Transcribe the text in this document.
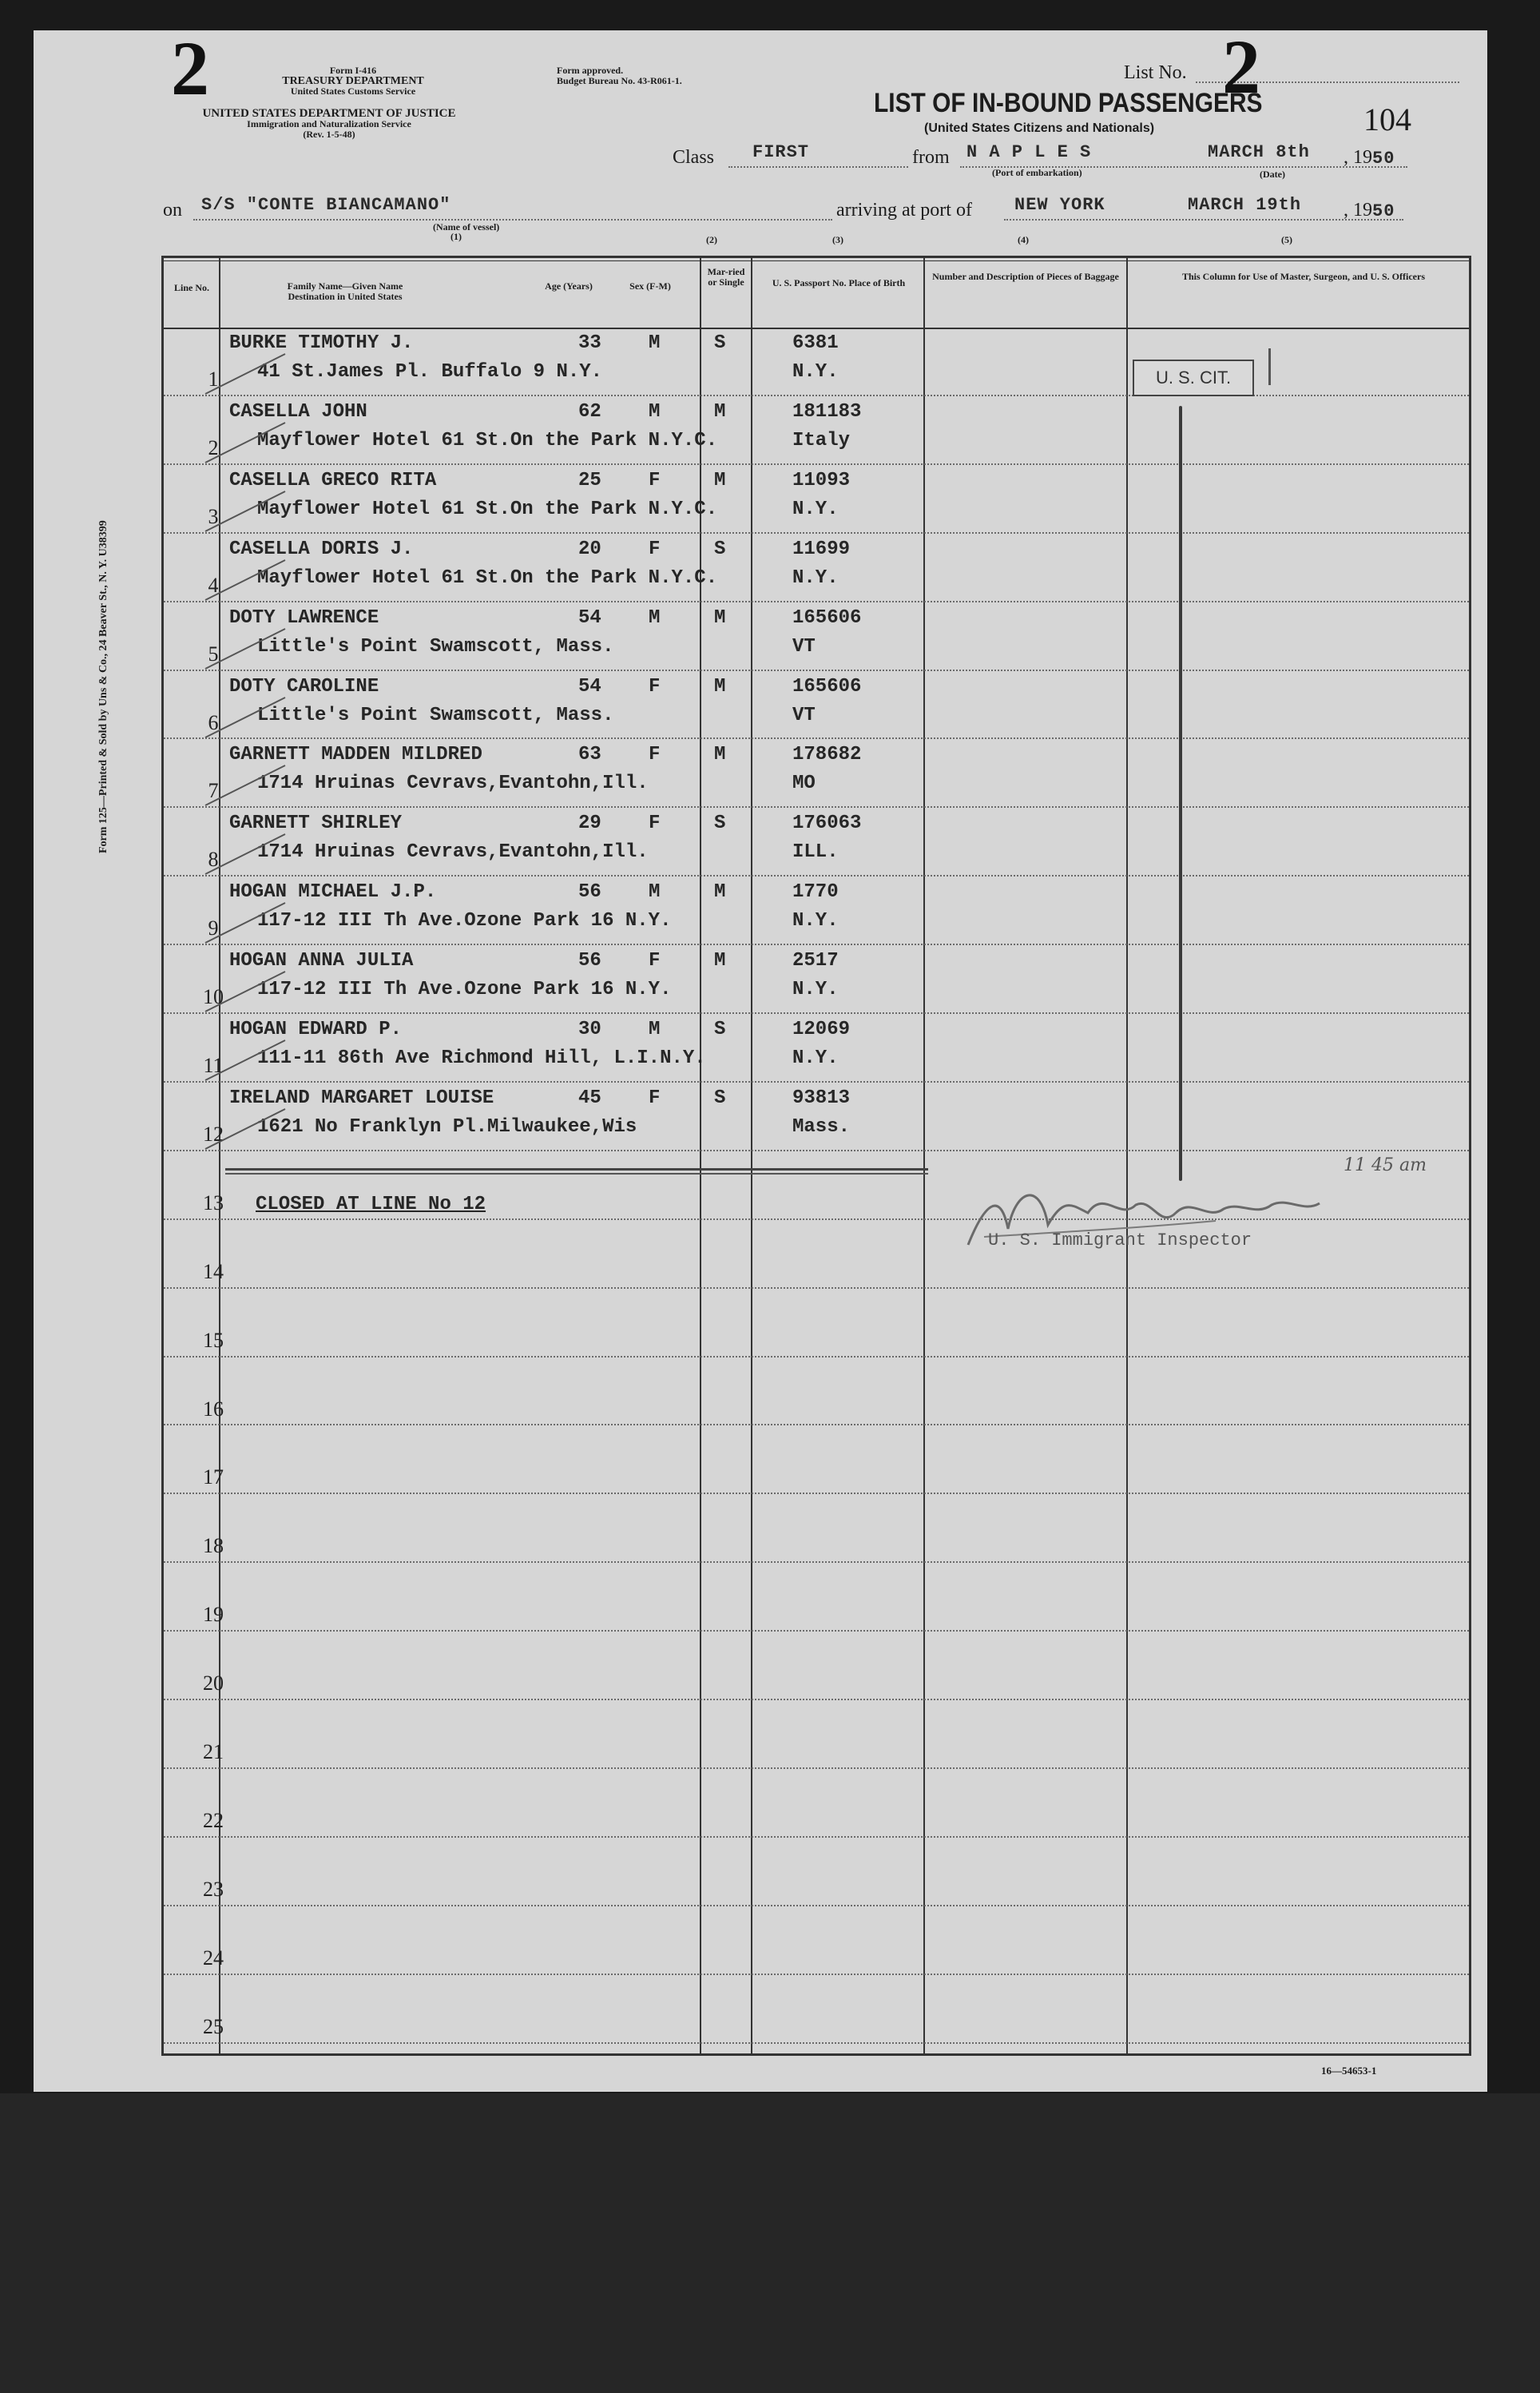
Form 125—Printed & Sold by Uns & Co., 24 Beaver St., N. Y. U38399
2	Form I-416
TREASURY DEPARTMENT
United States Customs Service
UNITED STATES DEPARTMENT OF JUSTICE
Immigration and Naturalization Service
(Rev. 1-5-48)
Form approved.
Budget Bureau No. 43-R061-1.	List No. 2
LIST OF IN-BOUND PASSENGERS
(United States Citizens and Nationals)	104
Class FIRST	from N A P L E S
(Port of embarkation)
MARCH 8th
(Date)
, 1950
on S/S "CONTE BIANCAMANO"
(Name of vessel)
(1)
arriving at port of NEW YORK	MARCH 19th , 1950
(2)	(3)	(4)	(5)
Line No.	Family Name—Given Name
Destination in United States
Age (Years)	Sex (F-M)
Mar-ried or Single	U. S. Passport No. Place of Birth
Number and Description of Pieces of Baggage	This Column for Use of Master, Surgeon, and U. S. Officers
1
BURKE TIMOTHY J.	33 M	S	6381
41 St.James Pl. Buffalo 9 N.Y.	N.Y.
2
CASELLA JOHN	62 M	M	181183
Mayflower Hotel 61 St.On the Park N.Y.C.	Italy
3
CASELLA GRECO RITA	25 F	M	11093
Mayflower Hotel 61 St.On the Park N.Y.C.	N.Y.
4
CASELLA DORIS J.	20 F	S	11699
Mayflower Hotel 61 St.On the Park N.Y.C.	N.Y.
5
DOTY LAWRENCE	54 M	M	165606
Little's Point Swamscott, Mass.	VT
6
DOTY CAROLINE	54 F	M	165606
Little's Point Swamscott, Mass.	VT
7
GARNETT MADDEN MILDRED	63 F	M	178682
1714 Hruinas Cevravs,Evantohn,Ill.	MO
8
GARNETT SHIRLEY	29 F	S	176063
1714 Hruinas Cevravs,Evantohn,Ill.	ILL.
9
HOGAN MICHAEL J.P.	56 M	M	1770
117-12 III Th Ave.Ozone Park 16 N.Y.	N.Y.
10
HOGAN ANNA JULIA	56 F	M	2517
117-12 III Th Ave.Ozone Park 16 N.Y.	N.Y.
11
HOGAN EDWARD P.	30 M	S	12069
111-11 86th Ave Richmond Hill, L.I.N.Y.	N.Y.
12
IRELAND MARGARET LOUISE	45 F	S	93813
1621 No Franklyn Pl.Milwaukee,Wis	Mass.
13
14
15
16
17
18
19
20
21
22
23
24
25
CLOSED AT LINE No 12
U. S. CIT.
11 45 am
U. S. Immigrant Inspector
16—54653-1
